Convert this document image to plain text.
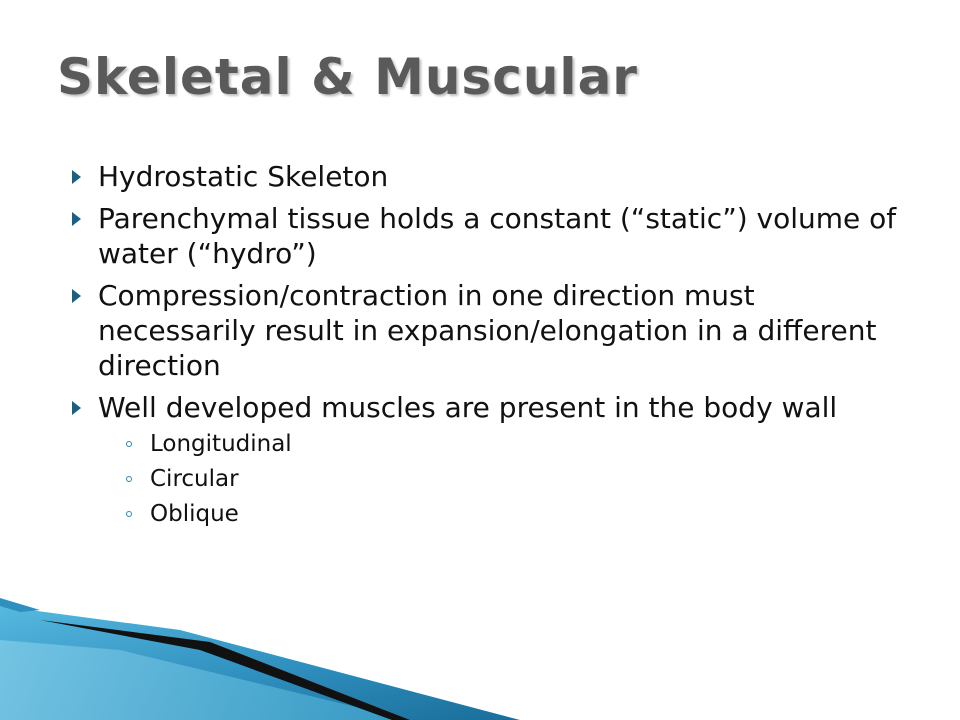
Skeletal & Muscular
Hydrostatic Skeleton
Parenchymal tissue holds a constant (“static”) volume of water (“hydro”)
Compression/contraction in one direction must necessarily result in expansion/elongation in a different direction
Well developed muscles are present in the body wall
Longitudinal
Circular
Oblique
